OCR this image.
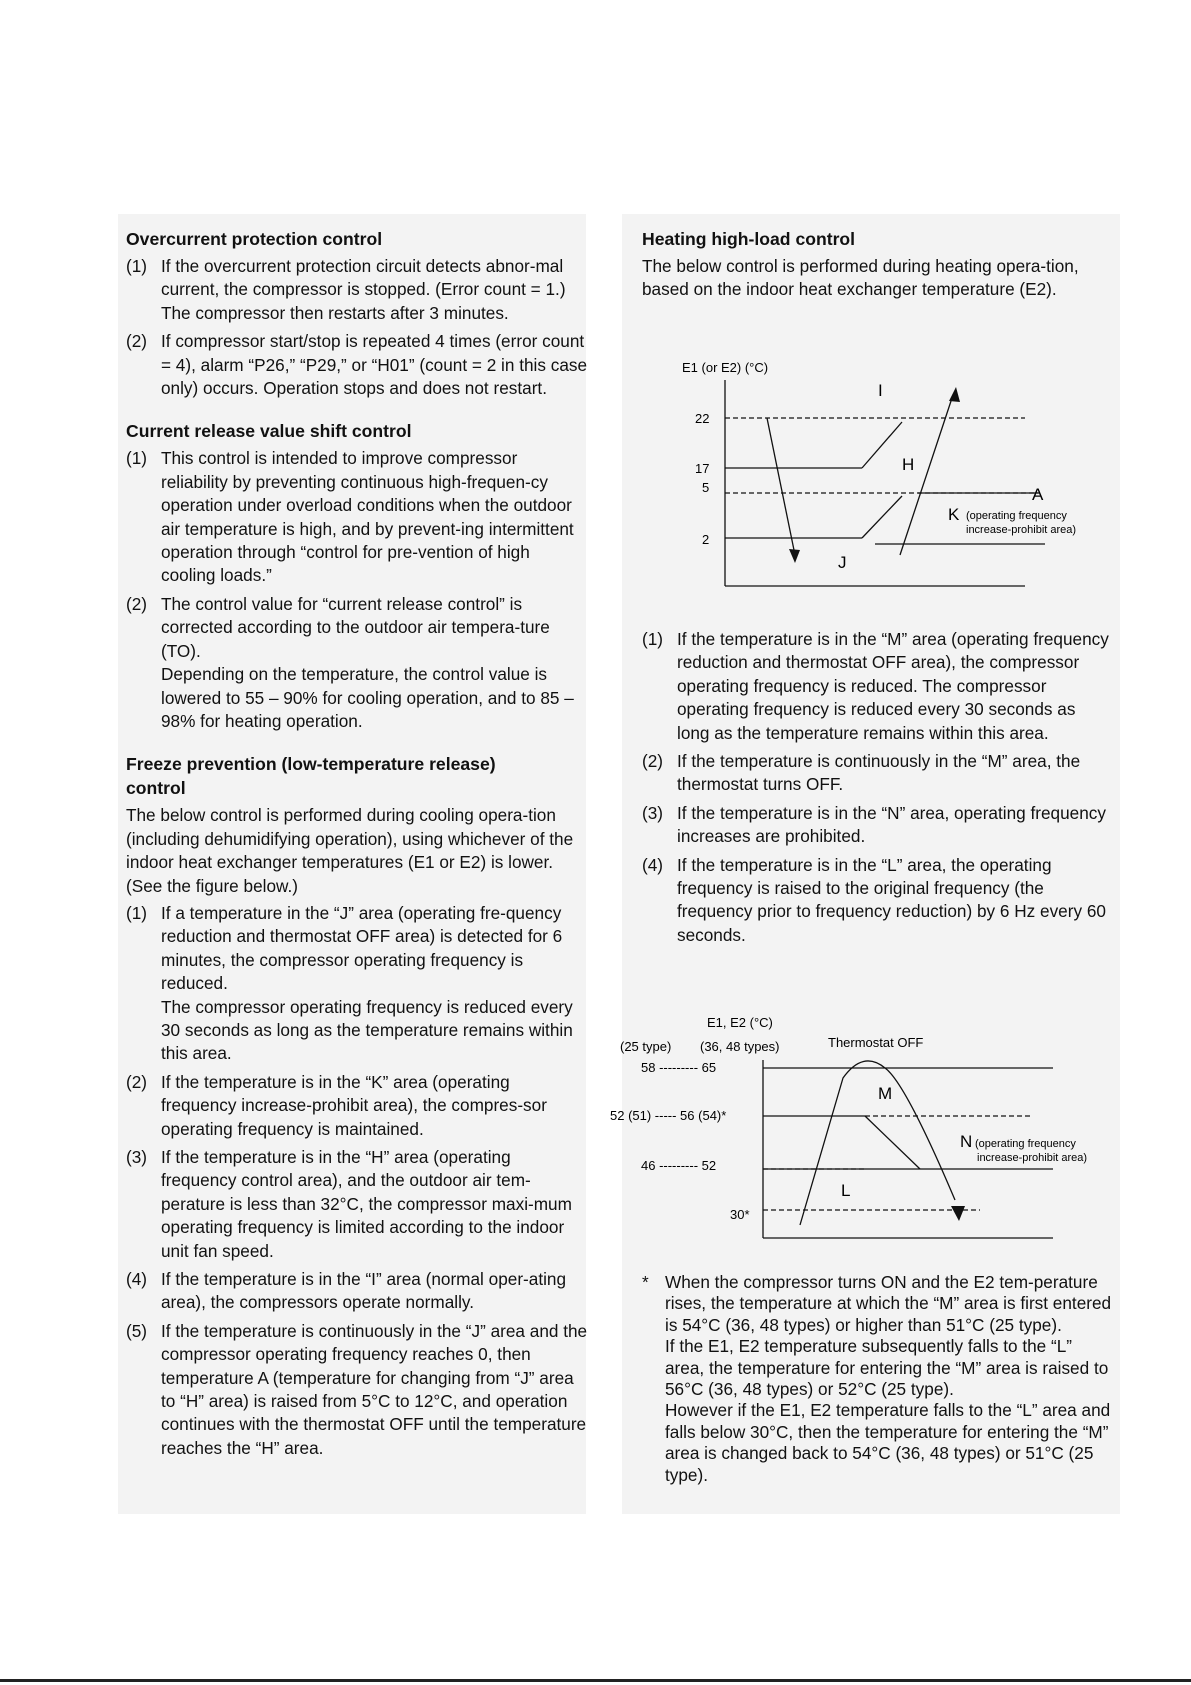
Overcurrent protection control
(1) If the overcurrent protection circuit detects abnor-mal current, the compressor is stopped. (Error count = 1.) The compressor then restarts after 3 minutes.
(2) If compressor start/stop is repeated 4 times (error count = 4), alarm “P26,” “P29,” or “H01” (count = 2 in this case only) occurs. Operation stops and does not restart.
Current release value shift control
(1) This control is intended to improve compressor reliability by preventing continuous high-frequen-cy operation under overload conditions when the outdoor air temperature is high, and by prevent-ing intermittent operation through “control for pre-vention of high cooling loads.”
(2) The control value for “current release control” is corrected according to the outdoor air tempera-ture (TO).
Depending on the temperature, the control value is lowered to 55 – 90% for cooling operation, and to 85 – 98% for heating operation.
Freeze prevention (low-temperature release)
control
The below control is performed during cooling opera-tion (including dehumidifying operation), using whichever of the indoor heat exchanger temperatures (E1 or E2) is lower. (See the figure below.)
(1) If a temperature in the “J” area (operating fre-quency reduction and thermostat OFF area) is detected for 6 minutes, the compressor operating frequency is reduced.
The compressor operating frequency is reduced every 30 seconds as long as the temperature remains within this area.
(2) If the temperature is in the “K” area (operating frequency increase-prohibit area), the compres-sor operating frequency is maintained.
(3) If the temperature is in the “H” area (operating frequency control area), and the outdoor air tem-perature is less than 32°C, the compressor maxi-mum operating frequency is limited according to the indoor unit fan speed.
(4) If the temperature is in the “I” area (normal oper-ating area), the compressors operate normally.
(5) If the temperature is continuously in the “J” area and the compressor operating frequency reaches 0, then temperature A (temperature for changing from “J” area to “H” area) is raised from 5°C to 12°C, and operation continues with the thermostat OFF until the temperature reaches the “H” area.
Heating high-load control
The below control is performed during heating opera-tion, based on the indoor heat exchanger temperature (E2).
E1 (or E2) (°C)
22
17
5
2
I
H
A
K (operating frequency
increase-prohibit area)
J
(1) If the temperature is in the “M” area (operating frequency reduction and thermostat OFF area), the compressor operating frequency is reduced. The compressor operating frequency is reduced every 30 seconds as long as the temperature remains within this area.
(2) If the temperature is continuously in the “M” area, the thermostat turns OFF.
(3) If the temperature is in the “N” area, operating frequency increases are prohibited.
(4) If the temperature is in the “L” area, the operating frequency is raised to the original frequency (the frequency prior to frequency reduction) by 6 Hz every 60 seconds.
E1, E2 (°C)
(25 type) (36, 48 types)	Thermostat OFF
58 --------- 65
52 (51) ----- 56 (54)*
46 --------- 52
30*
M
N (operating frequency
increase-prohibit area)
L
* When the compressor turns ON and the E2 tem-perature rises, the temperature at which the “M” area is first entered is 54°C (36, 48 types) or higher than 51°C (25 type).
If the E1, E2 temperature subsequently falls to the “L” area, the temperature for entering the “M” area is raised to 56°C (36, 48 types) or 52°C (25 type).
However if the E1, E2 temperature falls to the “L” area and falls below 30°C, then the temperature for entering the “M” area is changed back to 54°C (36, 48 types) or 51°C (25 type).
